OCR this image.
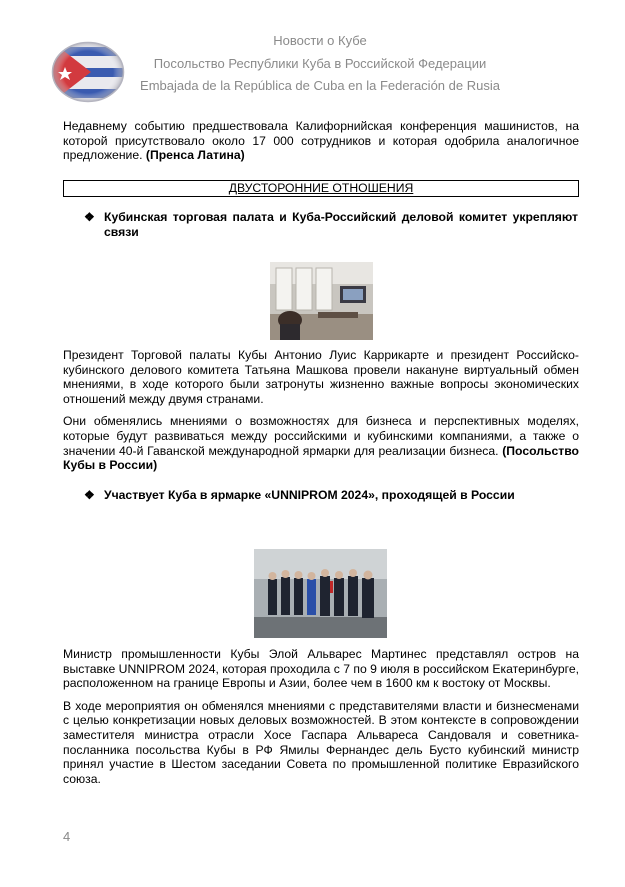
Новости о Кубе
Посольство Республики Куба в Российской Федерации
Embajada de la República de Cuba en la Federación de Rusia

Недавнему событию предшествовала Калифорнийская конференция машинистов, на которой присутствовало около 17 000 сотрудников и которая одобрила аналогичное предложение. (Пренса Латина)

ДВУСТОРОННИЕ ОТНОШЕНИЯ
❖ Кубинская торговая палата и Куба-Российский деловой комитет укрепляют связи

Президент Торговой палаты Кубы Антонио Луис Каррикарте и президент Российско-кубинского делового комитета Татьяна Машкова провели накануне виртуальный обмен мнениями, в ходе которого были затронуты жизненно важные вопросы экономических отношений между двумя странами.

Они обменялись мнениями о возможностях для бизнеса и перспективных моделях, которые будут развиваться между российскими и кубинскими компаниями, а также о значении 40-й Гаванской международной ярмарки для реализации бизнеса. (Посольство Кубы в России)

❖ Участвует Куба в ярмарке «UNNIPROM 2024», проходящей в России

Министр промышленности Кубы Элой Альварес Мартинес представлял остров на выставке UNNIPROM 2024, которая проходила с 7 по 9 июля в российском Екатеринбурге, расположенном на границе Европы и Азии, более чем в 1600 км к востоку от Москвы.

В ходе мероприятия он обменялся мнениями с представителями власти и бизнесменами с целью конкретизации новых деловых возможностей. В этом контексте в сопровождении заместителя министра отрасли Хосе Гаспара Альвареса Сандоваля и советника-посланника посольства Кубы в РФ Ямилы Фернандес дель Бусто кубинский министр принял участие в Шестом заседании Совета по промышленной политике Евразийского союза.

4
